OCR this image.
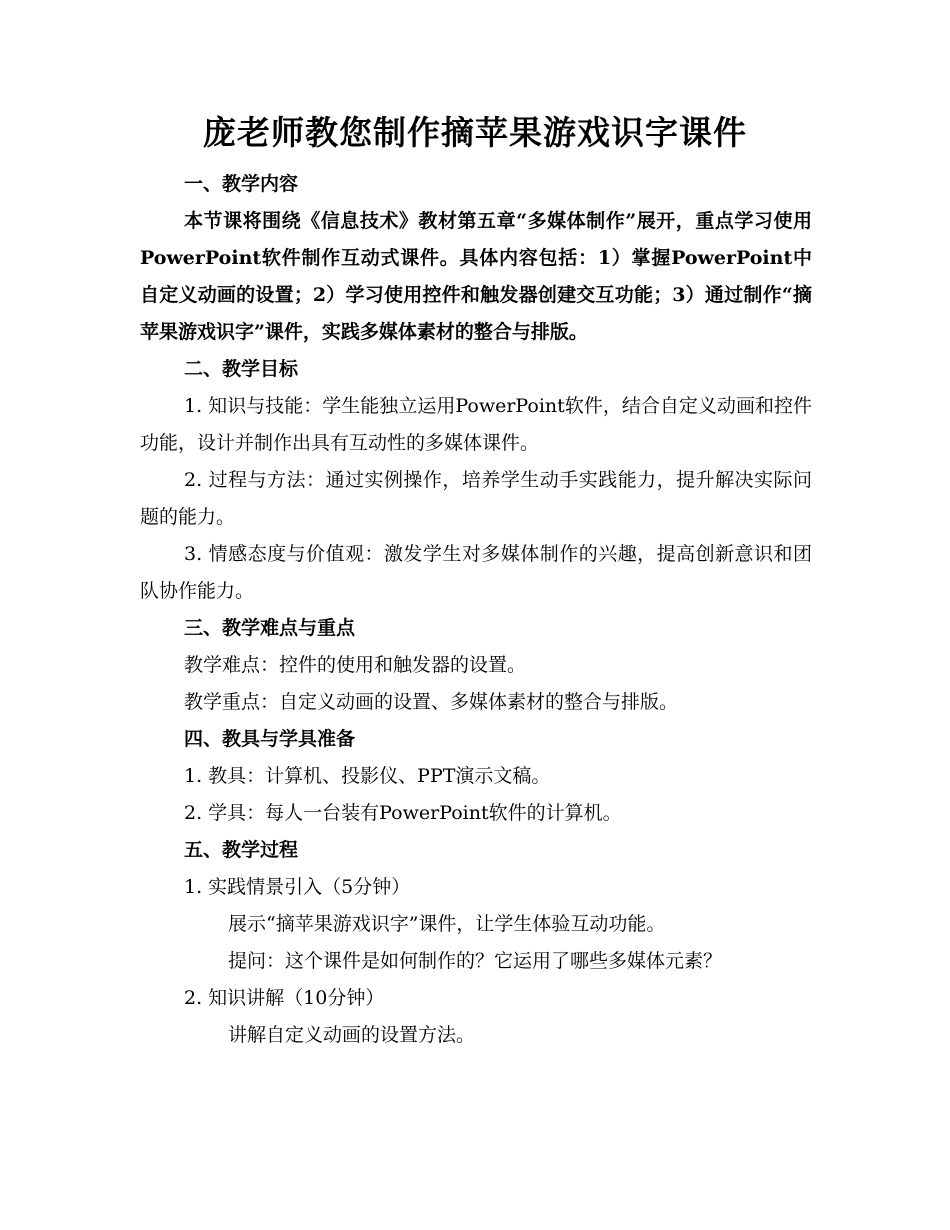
庞老师教您制作摘苹果游戏识字课件

一、教学内容

本节课将围绕《信息技术》教材第五章“多媒体制作”展开，重点学习使用PowerPoint软件制作互动式课件。具体内容包括：1）掌握PowerPoint中自定义动画的设置；2）学习使用控件和触发器创建交互功能；3）通过制作“摘苹果游戏识字”课件，实践多媒体素材的整合与排版。

二、教学目标

1. 知识与技能：学生能独立运用PowerPoint软件，结合自定义动画和控件功能，设计并制作出具有互动性的多媒体课件。

2. 过程与方法：通过实例操作，培养学生动手实践能力，提升解决实际问题的能力。

3. 情感态度与价值观：激发学生对多媒体制作的兴趣，提高创新意识和团队协作能力。

三、教学难点与重点

教学难点：控件的使用和触发器的设置。

教学重点：自定义动画的设置、多媒体素材的整合与排版。

四、教具与学具准备

1. 教具：计算机、投影仪、PPT演示文稿。

2. 学具：每人一台装有PowerPoint软件的计算机。

五、教学过程

1. 实践情景引入（5分钟）

展示“摘苹果游戏识字”课件，让学生体验互动功能。

提问：这个课件是如何制作的？它运用了哪些多媒体元素？

2. 知识讲解（10分钟）

讲解自定义动画的设置方法。
